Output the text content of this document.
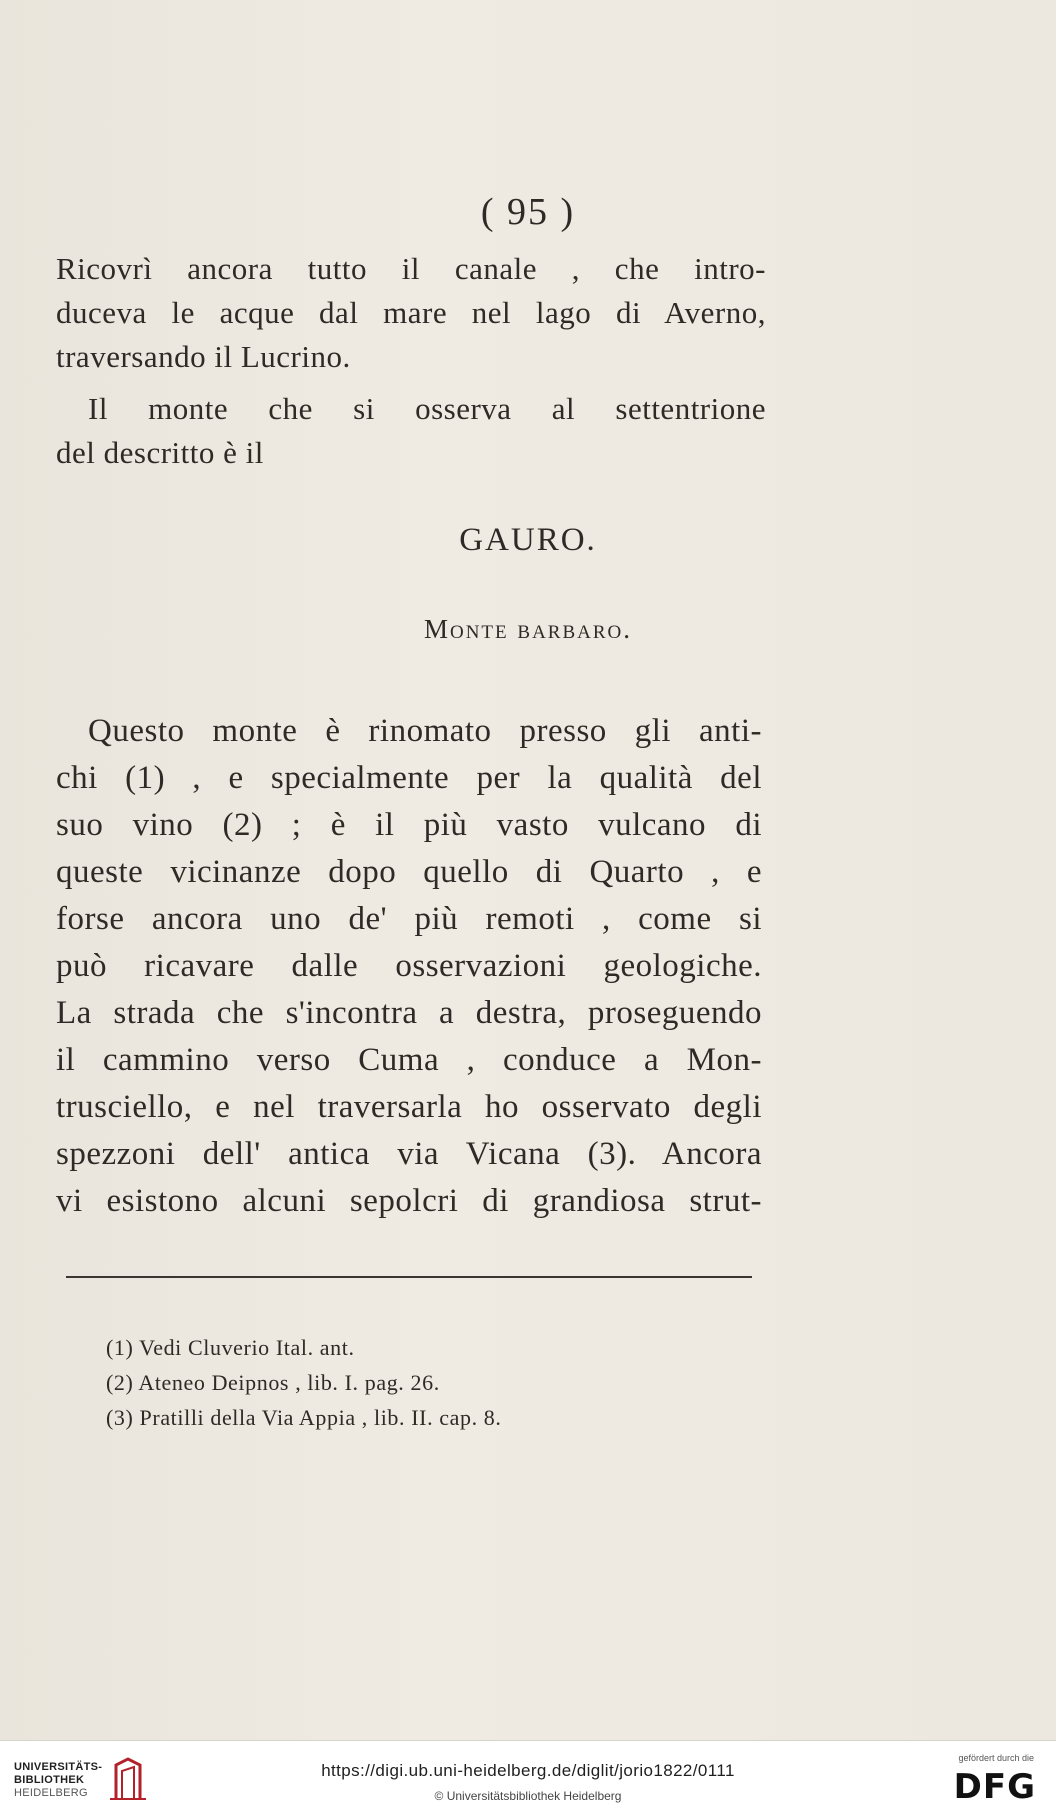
( 95 )
Ricovrì ancora tutto il canale , che intro-
duceva le acque dal mare nel lago di Averno,
traversando il Lucrino.
Il monte che si osserva al settentrione
del descritto è il
GAURO.
Monte barbaro.
Questo monte è rinomato presso gli anti-
chi (1) , e specialmente per la qualità del
suo vino (2) ; è il più vasto vulcano di
queste vicinanze dopo quello di Quarto , e
forse ancora uno de' più remoti , come si
può ricavare dalle osservazioni geologiche.
La strada che s'incontra a destra, proseguendo
il cammino verso Cuma , conduce a Mon-
trusciello, e nel traversarla ho osservato degli
spezzoni dell' antica via Vicana (3). Ancora
vi esistono alcuni sepolcri di grandiosa strut-
(1) Vedi Cluverio Ital. ant.
(2) Ateneo Deipnos , lib. I. pag. 26.
(3) Pratilli della Via Appia , lib. II. cap. 8.
UNIVERSITÄTS-
BIBLIOTHEK
HEIDELBERG
https://digi.ub.uni-heidelberg.de/diglit/jorio1822/0111
© Universitätsbibliothek Heidelberg
gefördert durch die
DFG
